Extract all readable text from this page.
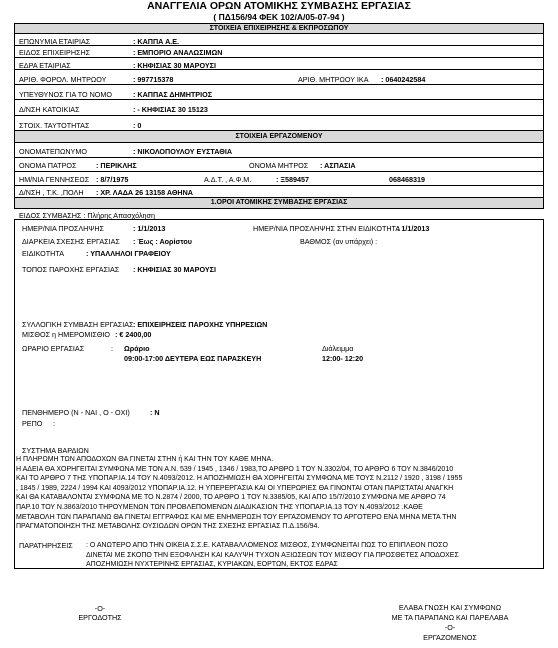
ΑΝΑΓΓΕΛΙΑ ΟΡΩΝ ΑΤΟΜΙΚΗΣ ΣΥΜΒΑΣΗΣ ΕΡΓΑΣΙΑΣ
( ΠΔ156/94 ΦΕΚ 102/Α/05-07-94 )
ΣΤΟΙΧΕΙΑ ΕΠΙΧΕΙΡΗΣΗΣ & ΕΚΠΡΟΣΩΠΟΥ
ΕΠΩΝΥΜΙΑ ΕΤΑΙΡΙΑΣ	: ΚΑΠΠΑ Α.Ε.
ΕΙΔΟΣ ΕΠΙΧΕΙΡΗΣΗΣ	: ΕΜΠΟΡΙΟ ΑΝΑΛΩΣΙΜΩΝ
ΕΔΡΑ ΕΤΑΙΡΙΑΣ	: ΚΗΦΙΣΙΑΣ 30 ΜΑΡΟΥΣΙ
ΑΡΙΘ. ΦΟΡΟΛ. ΜΗΤΡΩΟΥ	: 997715378	ΑΡΙΘ. ΜΗΤΡΩΟΥ ΙΚΑ : 0640242584
ΥΠΕΥΘΥΝΟΣ ΓΙΑ ΤΟ ΝΟΜΟ	: ΚΑΠΠΑΣ ΔΗΜΗΤΡΙΟΣ
Δ/ΝΣΗ ΚΑΤΟΙΚΙΑΣ	: - ΚΗΦΙΣΙΑΣ 30 15123
ΣΤΟΙΧ. ΤΑΥΤΟΤΗΤΑΣ	: 0
ΣΤΟΙΧΕΙΑ ΕΡΓΑΖΟΜΕΝΟΥ
ΟΝΟΜΑΤΕΠΩΝΥΜΟ	: ΝΙΚΟΛΟΠΟΥΛΟΥ ΕΥΣΤΑΘΙΑ
ΟΝΟΜΑ ΠΑΤΡΟΣ	: ΠΕΡΙΚΛΗΣ	ΟΝΟΜΑ ΜΗΤΡΟΣ : ΑΣΠΑΣΙΑ
ΗΜ/ΝΙΑ ΓΕΝΝΗΣΕΩΣ : 8/7/1975	Α.Δ.Τ. , Α.Φ.Μ.	: Ξ589457	068468319
Δ/ΝΣΗ , Τ.Κ. ,ΠΟΛΗ : ΧΡ. ΛΑΔΑ 26 13158 ΑΘΗΝΑ
1.ΟΡΟΙ ΑΤΟΜΙΚΗΣ ΣΥΜΒΑΣΗΣ ΕΡΓΑΣΙΑΣ
ΕΙΔΟΣ ΣΥΜΒΑΣΗΣ : Πλήρης Απασχόληση
ΗΜΕΡ/ΝΙΑ ΠΡΟΣΛΗΨΗΣ	: 1/1/2013	ΗΜΕΡ/ΝΙΑ ΠΡΟΣΛΗΨΗΣ ΣΤΗΝ ΕΙΔΙΚΟΤΗΤΑ
: 1/1/2013
ΔΙΑΡΚΕΙΑ ΣΧΕΣΗΣ ΕΡΓΑΣΙΑΣ : Έως : Αορίστου	ΒΑΘΜΟΣ (αν υπάρχει) :
ΕΙΔΙΚΟΤΗΤΑ	: ΥΠΑΛΛΗΛΟΙ ΓΡΑΦΕΙΟΥ
ΤΟΠΟΣ ΠΑΡΟΧΗΣ ΕΡΓΑΣΙΑΣ : ΚΗΦΙΣΙΑΣ 30 ΜΑΡΟΥΣΙ
ΣΥΛΛΟΓΙΚΗ ΣΥΜΒΑΣΗ ΕΡΓΑΣΙΑΣ : ΕΠΙΧΕΙΡΗΣΕΙΣ ΠΑΡΟΧΗΣ ΥΠΗΡΕΣΙΩΝ
ΜΙΣΘΟΣ η ΗΜΕΡΟΜΙΣΘΙΟ : € 2400,00
ΩΡΑΡΙΟ ΕΡΓΑΣΙΑΣ	: Ωράριο
09:00-17:00 ΔΕΥΤΕΡΑ ΕΩΣ ΠΑΡΑΣΚΕΥΗ
Διάλειμμα
12:00- 12:20
ΠΕΝΘΗΜΕΡΟ (Ν - ΝΑΙ , Ο - ΟΧΙ)	: Ν
ΡΕΠΟ :
ΣΥΣΤΗΜΑ ΒΑΡΔΙΩΝ
Η ΠΛΗΡΩΜΗ ΤΩΝ ΑΠΟΔΟΧΩΝ ΘΑ ΓΙΝΕΤΑΙ ΣΤΗΝ ή ΚΑΙ ΤΗΝ ΤΟΥ ΚΑΘΕ ΜΗΝΑ.
Η ΑΔΕΙΑ ΘΑ ΧΟΡΗΓΕΙΤΑΙ ΣΥΜΦΩΝΑ ΜΕ ΤΟΝ Α.Ν. 539 / 1945 , 1346 / 1983,ΤΟ ΑΡΘΡΟ 1 ΤΟΥ Ν.3302/04, ΤΟ ΑΡΘΡΟ 6 ΤΟΥ Ν.3846/2010
ΚΑΙ ΤΟ ΑΡΘΡΟ 7 ΤΗΣ ΥΠΟΠΑΡ.ΙΑ.14 ΤΟΥ Ν.4093/2012. Η ΑΠΟΖΗΜΙΩΣΗ ΘΑ ΧΟΡΗΓΕΙΤΑΙ ΣΥΜΦΩΝΑ ΜΕ ΤΟΥΣ Ν.2112 / 1920 , 3198 / 1955
, 1845 / 1989, 2224 / 1994 ΚΑΙ 4093/2012 ΥΠΟΠΑΡ.ΙΑ.12. Η ΥΠΕΡΕΡΓΑΣΙΑ ΚΑΙ ΟΙ ΥΠΕΡΩΡΙΕΣ ΘΑ ΓΙΝΟΝΤΑΙ ΟΤΑΝ ΠΑΡΙΣΤΑΤΑΙ ΑΝΑΓΚΗ
ΚΑΙ ΘΑ ΚΑΤΑΒΑΛΟΝΤΑΙ ΣΥΜΦΩΝΑ ΜΕ ΤΟ Ν.2874 / 2000, ΤΟ ΑΡΘΡΟ 1 ΤΟΥ Ν.3385/05, ΚΑΙ ΑΠΟ 15/7/2010 ΣΥΜΦΩΝΑ ΜΕ ΑΡΘΡΟ 74
ΠΑΡ.10 ΤΟΥ Ν.3863/2010 ΤΗΡΟΥΜΕΝΩΝ ΤΩΝ ΠΡΟΒΛΕΠΟΜΕΝΩΝ ΔΙΑΔΙΚΑΣΙΩΝ ΤΗΣ ΥΠΟΠΑΡ.ΙΑ.13 ΤΟΥ Ν.4093/2012 .ΚΑΘΕ
ΜΕΤΑΒΟΛΗ ΤΩΝ ΠΑΡΑΠΑΝΩ ΘΑ ΓΙΝΕΤΑΙ ΕΓΓΡΑΦΩΣ ΚΑΙ ΜΕ ΕΝΗΜΕΡΩΣΗ ΤΟΥ ΕΡΓΑΖΟΜΕΝΟΥ ΤΟ ΑΡΓΟΤΕΡΟ ΕΝΑ ΜΗΝΑ ΜΕΤΑ ΤΗΝ
ΠΡΑΓΜΑΤΟΠΟΙΗΣΗ ΤΗΣ ΜΕΤΑΒΟΛΗΣ ΟΥΣΙΩΔΩΝ ΟΡΩΝ ΤΗΣ ΣΧΕΣΗΣ ΕΡΓΑΣΙΑΣ Π.Δ.156/94.
ΠΑΡΑΤΗΡΗΣΕΙΣ : Ο ΑΝΩΤΕΡΟ ΑΠΟ ΤΗΝ ΟΙΚΕΙΑ Σ.Σ.Ε. ΚΑΤΑΒΑΛΛΟΜΕΝΟΣ ΜΙΣΘΟΣ, ΣΥΜΦΩΝΕΙΤΑΙ ΠΩΣ ΤΟ ΕΠΙΠΛΕΟΝ ΠΟΣΟ
ΔΙΝΕΤΑΙ ΜΕ ΣΚΟΠΟ ΤΗΝ ΕΞΟΦΛΗΣΗ ΚΑΙ ΚΑΛΥΨΗ ΤΥΧΟΝ ΑΞΙΩΣΕΩΝ ΤΟΥ ΜΙΣΘΟΥ ΓΙΑ ΠΡΟΣΘΕΤΕΣ ΑΠΟΔΟΧΕΣ
ΑΠΟΖΗΜΙΩΣΗ ΝΥΧΤΕΡΙΝΗΣ ΕΡΓΑΣΙΑΣ, ΚΥΡΙΑΚΩΝ, ΕΟΡΤΩΝ, ΕΚΤΟΣ ΕΔΡΑΣ
-Ο-
ΕΡΓΟΔΟΤΗΣ
ΕΛΑΒΑ ΓΝΩΣΗ ΚΑΙ ΣΥΜΦΩΝΩ
ΜΕ ΤΑ ΠΑΡΑΠΑΝΩ ΚΑΙ ΠΑΡΕΛΑΒΑ
-Ο-
ΕΡΓΑΖΟΜΕΝΟΣ
